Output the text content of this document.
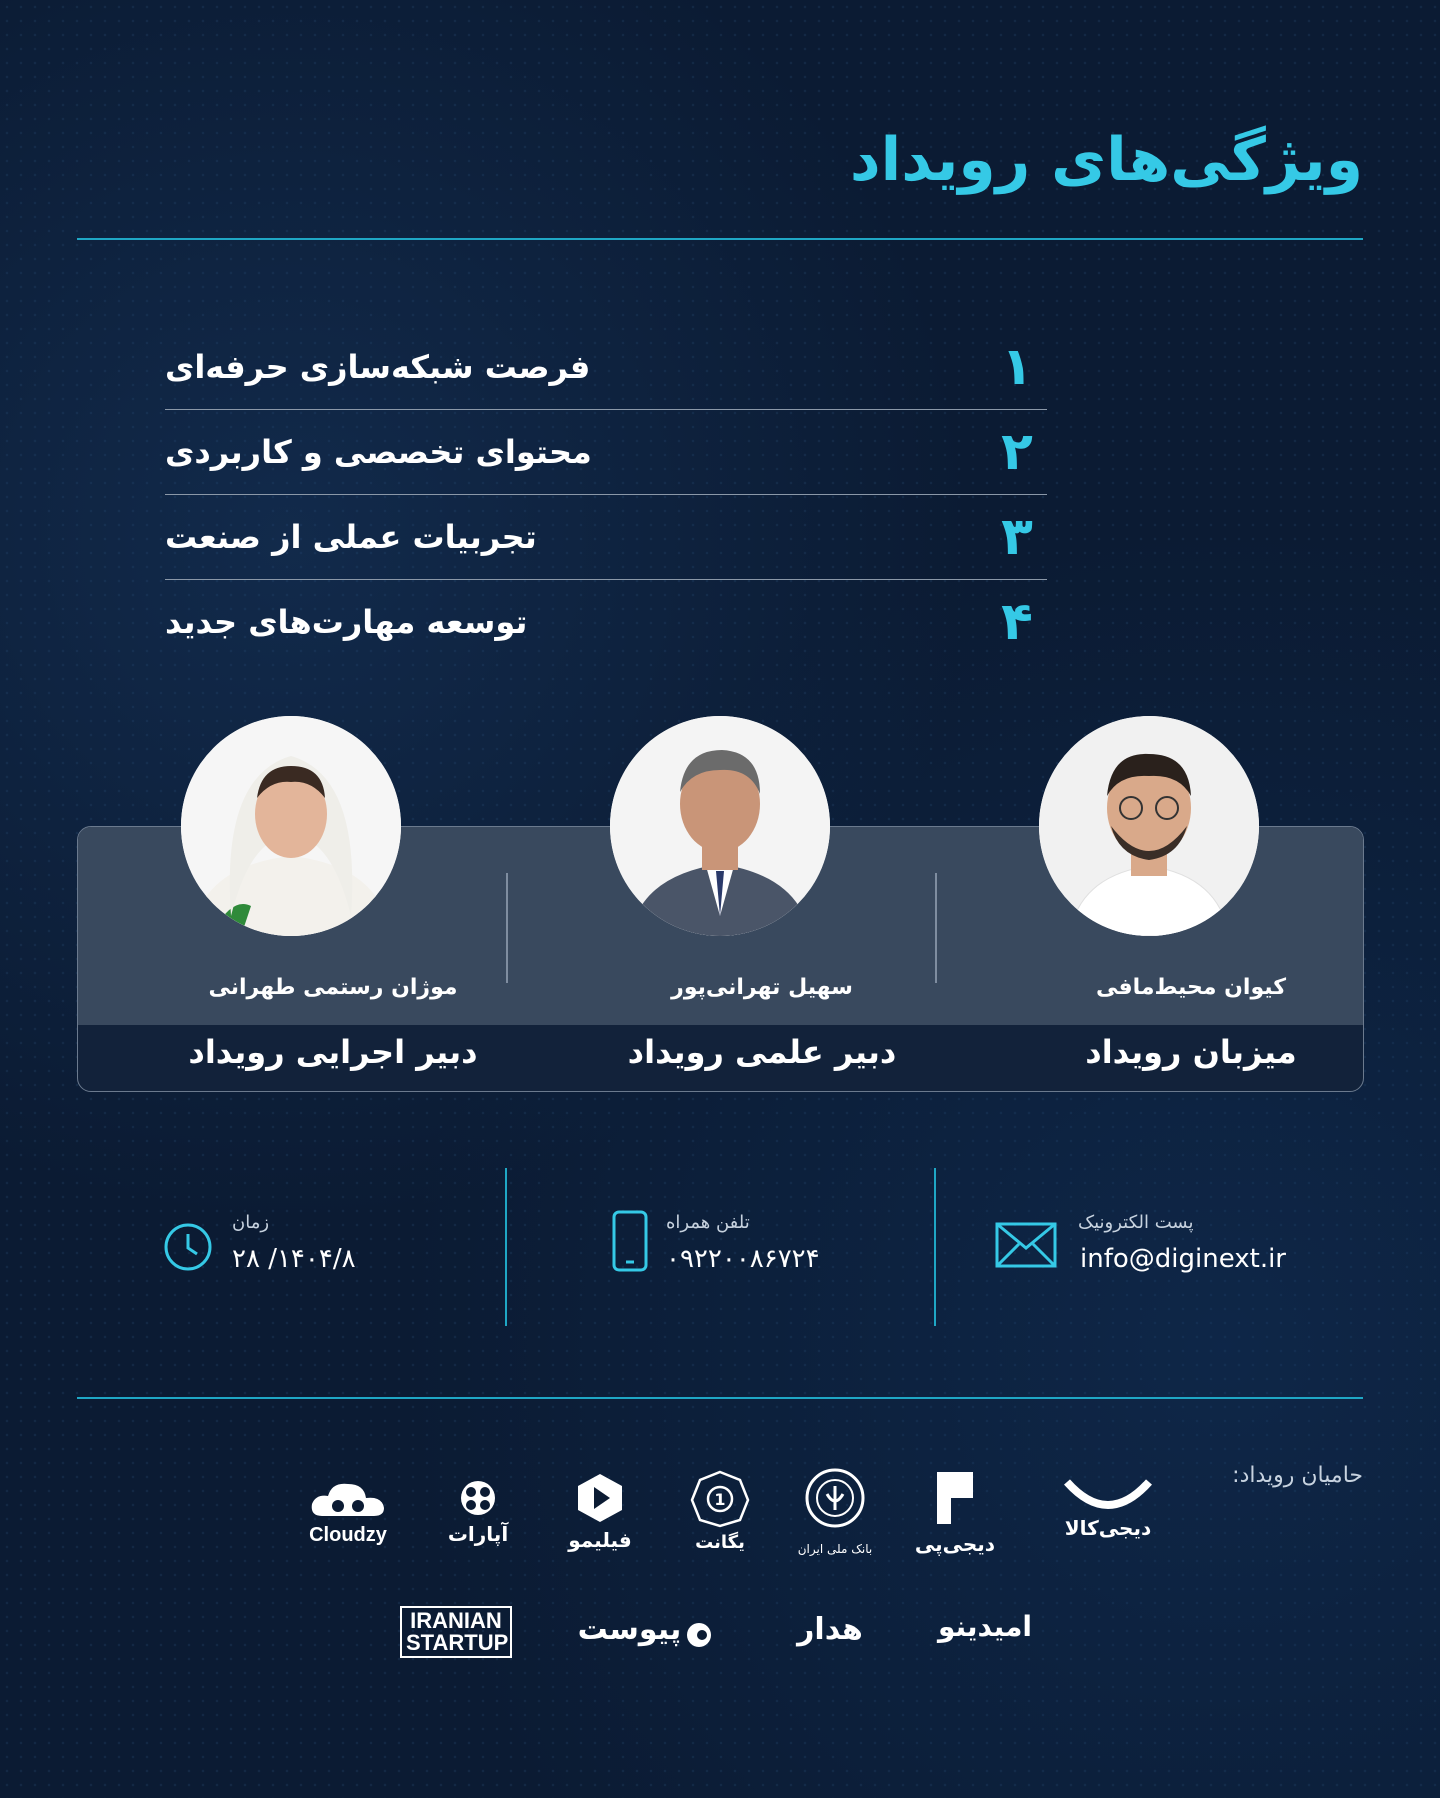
ویژگی‌های رویداد
۱
فرصت شبکه‌سازی حرفه‌ای
۲
محتوای تخصصی و کاربردی
۳
تجربیات عملی از صنعت
۴
توسعه مهارت‌های جدید
کیوان محیط‌مافی
سهیل تهرانی‌پور
موژان رستمی طهرانی
میزبان رویداد
دبیر علمی رویداد
دبیر اجرایی رویداد
پست الکترونیک
info@diginext.ir
تلفن همراه
۰۹۲۲۰۰۸۶۷۲۴
زمان
۱۴۰۴/۸/ ۲۸
حامیان رویداد:
دیجی‌کالا
دیجی‌پی
بانک ملی ایران
1
یگانت
فیلیمو
آپارات
Cloudzy
امیدینو
هدار
پیوست
IRANIAN STARTUP
